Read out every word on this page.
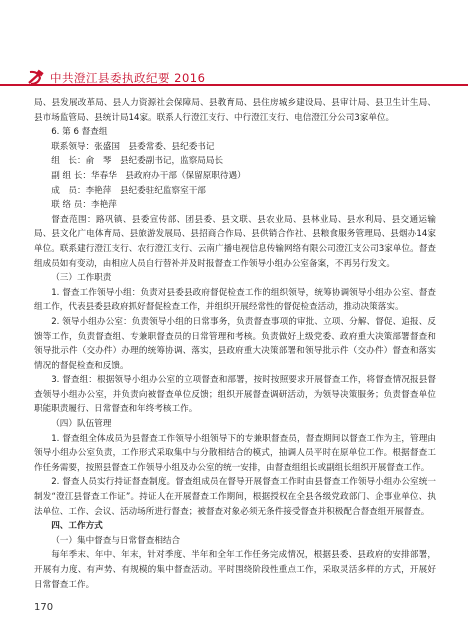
中共澄江县委执政纪要 2016

局、县发展改革局、县人力资源社会保障局、县教育局、县住房城乡建设局、县审计局、县卫生计生局、县市场监管局、县统计局14家。联系人行澄江支行、中行澄江支行、电信澄江分公司3家单位。

6. 第 6 督查组

联系领导：张盛国　县委常委、县纪委书记

组　长：俞　琴　县纪委副书记，监察局局长

副 组 长：华春华　县政府办干部（保留原职待遇）

成　员：李艳萍　县纪委驻纪监察室干部

联 络 员：李艳萍

督查范围：路巩镇、县委宣传部、团县委、县文联、县农业局、县林业局、县水利局、县交通运输局、县文化广电体育局、县旅游发展局、县招商合作局、县供销合作社、县粮食服务管理局、县烟办14家单位。联系建行澄江支行、农行澄江支行、云南广播电视信息传输网络有限公司澄江支公司3家单位。督查组成员如有变动，由相应人员自行替补并及时报督查工作领导小组办公室备案，不再另行发文。

（三）工作职责

1. 督查工作领导小组：负责对县委县政府督促检查工作的组织领导，统筹协调领导小组办公室、督查组工作，代表县委县政府抓好督促检查工作，并组织开展经常性的督促检查活动，推动决策落实。

2. 领导小组办公室：负责领导小组的日常事务，负责督查事项的审批、立项、分解、督促、追报、反馈等工作，负责督查组、专兼职督查员的日常管理和考核。负责做好上级党委、政府重大决策部署督查和领导批示件（交办件）办理的统筹协调、落实，县政府重大决策部署和领导批示件（交办件）督查和落实情况的督促检查和反馈。

3. 督查组：根据领导小组办公室的立项督查和部署，按时按照要求开展督查工作，将督查情况报县督查领导小组办公室，并负责向被督查单位反馈；组织开展督查调研活动，为领导决策服务；负责督查单位职能职责履行、日常督查和年终考核工作。

（四）队伍管理

1. 督查组全体成员为县督查工作领导小组领导下的专兼职督查员，督查期间以督查工作为主，管理由领导小组办公室负责，工作形式采取集中与分散相结合的模式，抽调人员平时在原单位工作。根据督查工作任务需要，按照县督查工作领导小组及办公室的统一安排，由督查组组长或副组长组织开展督查工作。

2. 督查人员实行持证督查制度。督查组成员在督导开展督查工作时由县督查工作领导小组办公室统一制发“澄江县督查工作证”。持证人在开展督查工作期间，根据授权在全县各级党政部门、企事业单位、执法单位、工作、会议、活动场所进行督查；被督查对象必须无条件接受督查并积极配合督查组开展督查。

四、工作方式

（一）集中督查与日常督查相结合

每年季末、年中、年末，针对季度、半年和全年工作任务完成情况，根据县委、县政府的安排部署，开展有力度、有声势、有规模的集中督查活动。平时围绕阶段性重点工作，采取灵活多样的方式，开展好日常督查工作。

170
